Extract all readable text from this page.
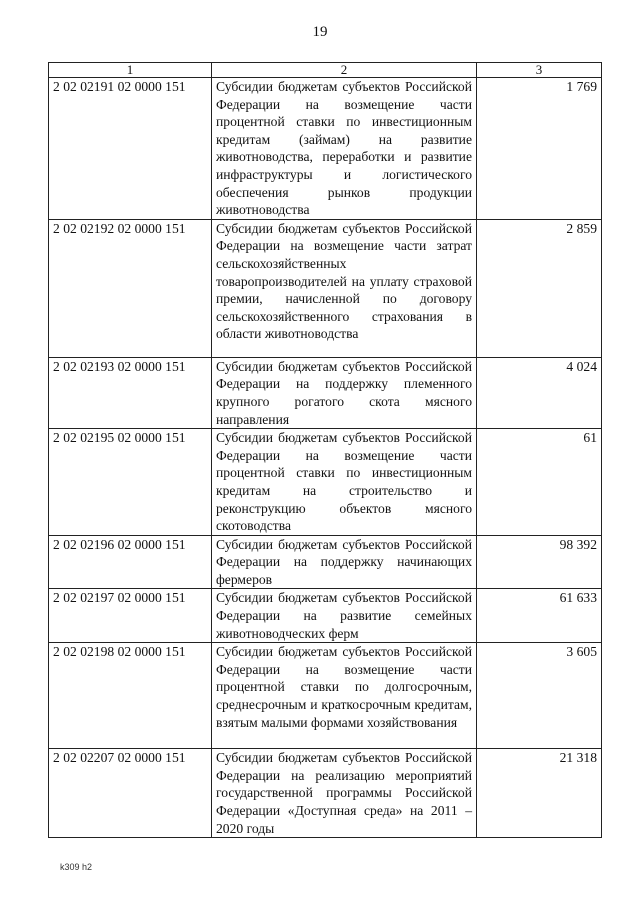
19
1	2	3
2 02 02191 02 0000 151	Субсидии бюджетам субъектов Российской Федерации на возмещение части процентной ставки по инвестиционным кредитам (займам) на развитие животноводства, переработки и развитие инфраструктуры и логистического обеспечения рынков продукции животноводства	1 769
2 02 02192 02 0000 151	Субсидии бюджетам субъектов Российской Федерации на возмещение части затрат сельскохозяйственных товаропроизводителей на уплату страховой премии, начисленной по договору сельскохозяйственного страхования в области животноводства	2 859
2 02 02193 02 0000 151	Субсидии бюджетам субъектов Российской Федерации на поддержку племенного крупного рогатого скота мясного направления	4 024
2 02 02195 02 0000 151	Субсидии бюджетам субъектов Российской Федерации на возмещение части процентной ставки по инвестиционным кредитам на строительство и реконструкцию объектов мясного скотоводства	61
2 02 02196 02 0000 151	Субсидии бюджетам субъектов Российской Федерации на поддержку начинающих фермеров	98 392
2 02 02197 02 0000 151	Субсидии бюджетам субъектов Российской Федерации на развитие семейных животноводческих ферм	61 633
2 02 02198 02 0000 151	Субсидии бюджетам субъектов Российской Федерации на возмещение части процентной ставки по долгосрочным, среднесрочным и краткосрочным кредитам, взятым малыми формами хозяйствования	3 605
2 02 02207 02 0000 151	Субсидии бюджетам субъектов Российской Федерации на реализацию мероприятий государственной программы Российской Федерации «Доступная среда» на 2011 – 2020 годы	21 318
k309 h2
